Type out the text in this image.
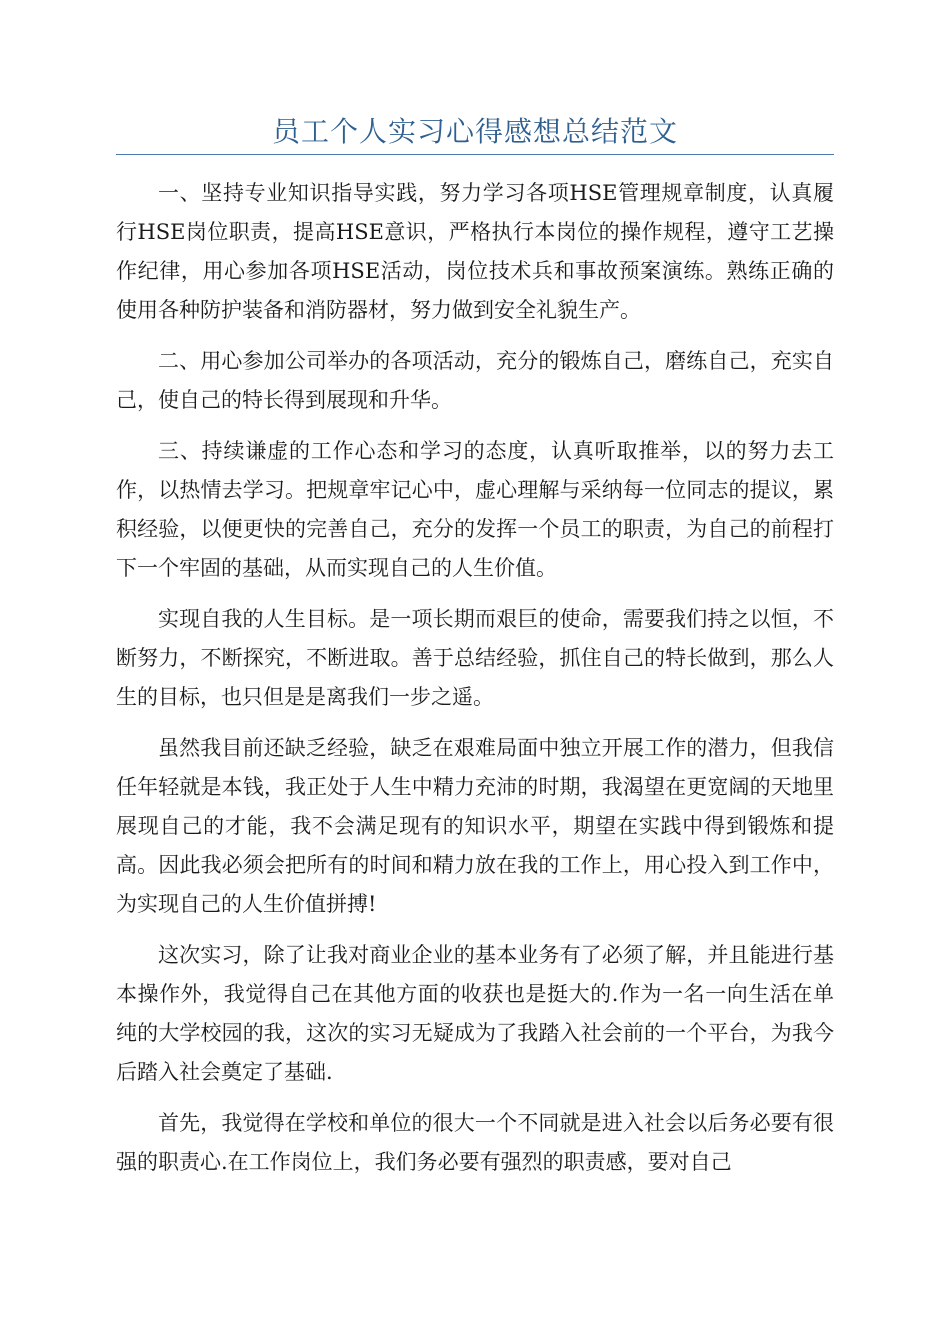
员工个人实习心得感想总结范文

一、坚持专业知识指导实践，努力学习各项HSE管理规章制度，认真履行HSE岗位职责，提高HSE意识，严格执行本岗位的操作规程，遵守工艺操作纪律，用心参加各项HSE活动，岗位技术兵和事故预案演练。熟练正确的使用各种防护装备和消防器材，努力做到安全礼貌生产。

二、用心参加公司举办的各项活动，充分的锻炼自己，磨练自己，充实自己，使自己的特长得到展现和升华。

三、持续谦虚的工作心态和学习的态度，认真听取推举，以的努力去工作，以热情去学习。把规章牢记心中，虚心理解与采纳每一位同志的提议，累积经验，以便更快的完善自己，充分的发挥一个员工的职责，为自己的前程打下一个牢固的基础，从而实现自己的人生价值。

实现自我的人生目标。是一项长期而艰巨的使命，需要我们持之以恒，不断努力，不断探究，不断进取。善于总结经验，抓住自己的特长做到，那么人生的目标，也只但是是离我们一步之遥。

虽然我目前还缺乏经验，缺乏在艰难局面中独立开展工作的潜力，但我信任年轻就是本钱，我正处于人生中精力充沛的时期，我渴望在更宽阔的天地里展现自己的才能，我不会满足现有的知识水平，期望在实践中得到锻炼和提高。因此我必须会把所有的时间和精力放在我的工作上，用心投入到工作中，为实现自己的人生价值拼搏!

这次实习，除了让我对商业企业的基本业务有了必须了解，并且能进行基本操作外，我觉得自己在其他方面的收获也是挺大的.作为一名一向生活在单纯的大学校园的我，这次的实习无疑成为了我踏入社会前的一个平台，为我今后踏入社会奠定了基础.

首先，我觉得在学校和单位的很大一个不同就是进入社会以后务必要有很强的职责心.在工作岗位上，我们务必要有强烈的职责感，要对自己
